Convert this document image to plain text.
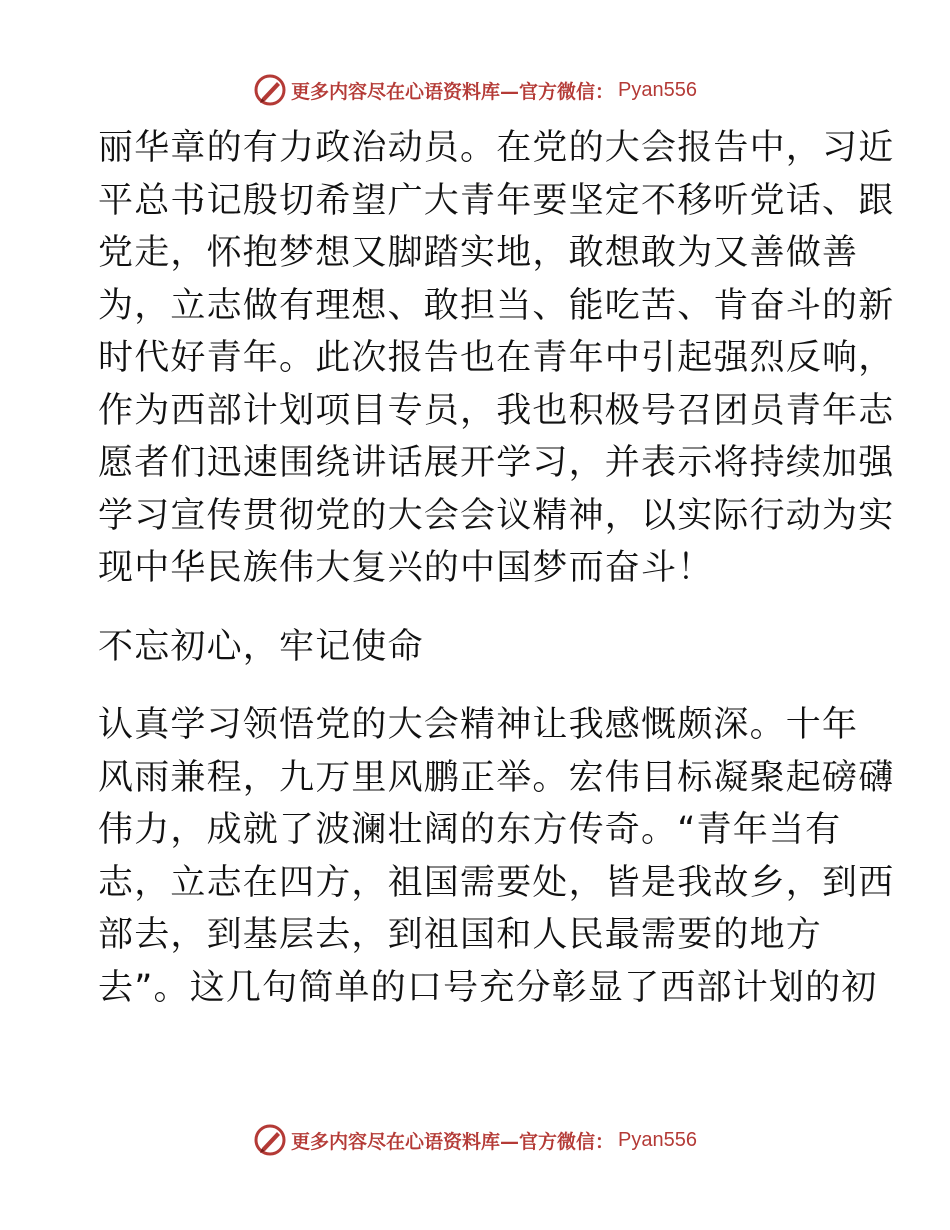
更多内容尽在心语资料库—官方微信： Pyan556
丽华章的有力政治动员。在党的大会报告中，习近
平总书记殷切希望广大青年要坚定不移听党话、跟
党走，怀抱梦想又脚踏实地，敢想敢为又善做善
为，立志做有理想、敢担当、能吃苦、肯奋斗的新
时代好青年。此次报告也在青年中引起强烈反响，
作为西部计划项目专员，我也积极号召团员青年志
愿者们迅速围绕讲话展开学习，并表示将持续加强
学习宣传贯彻党的大会会议精神，以实际行动为实
现中华民族伟大复兴的中国梦而奋斗！
不忘初心，牢记使命
认真学习领悟党的大会精神让我感慨颇深。十年
风雨兼程，九万里风鹏正举。宏伟目标凝聚起磅礴
伟力，成就了波澜壮阔的东方传奇。“青年当有
志，立志在四方，祖国需要处，皆是我故乡，到西
部去，到基层去，到祖国和人民最需要的地方
去”。这几句简单的口号充分彰显了西部计划的初
更多内容尽在心语资料库—官方微信： Pyan556
